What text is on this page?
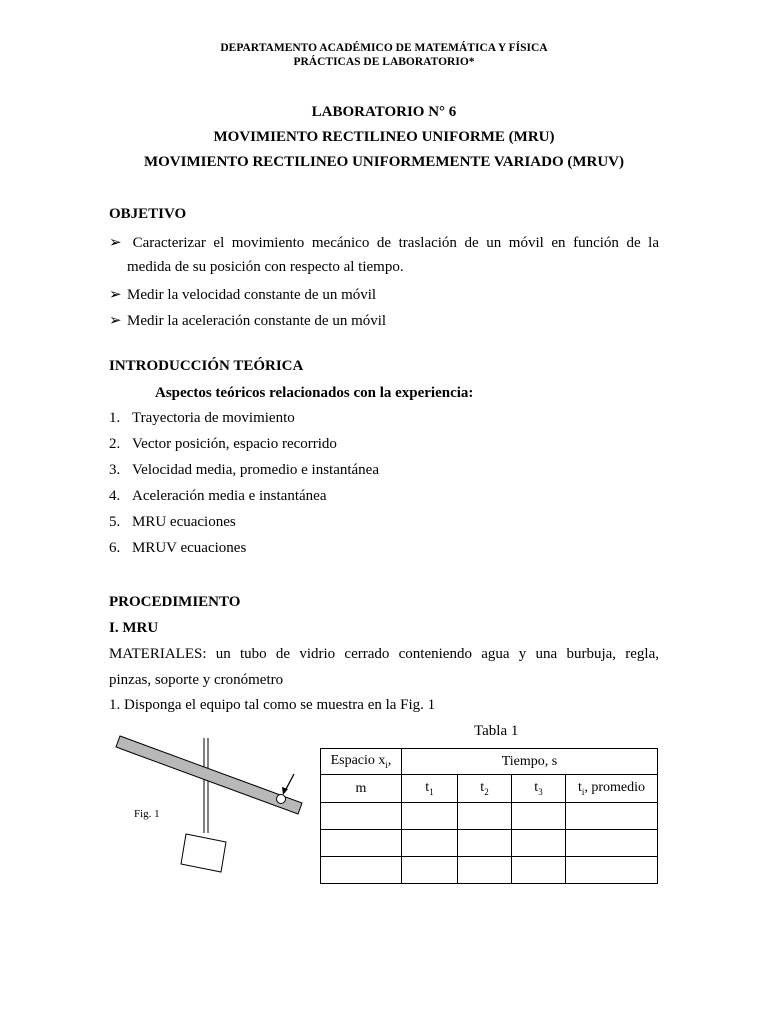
DEPARTAMENTO ACADÉMICO DE MATEMÁTICA Y FÍSICA
PRÁCTICAS DE LABORATORIO*
LABORATORIO N° 6
MOVIMIENTO RECTILINEO UNIFORME (MRU)
MOVIMIENTO RECTILINEO UNIFORMEMENTE VARIADO (MRUV)
OBJETIVO
➢ Caracterizar el movimiento mecánico de traslación de un móvil en función de la
medida de su posición con respecto al tiempo.
➢ Medir la velocidad constante de un móvil
➢ Medir la aceleración constante de un móvil
INTRODUCCIÓN TEÓRICA
Aspectos teóricos relacionados con la experiencia:
1. Trayectoria de movimiento
2. Vector posición, espacio recorrido
3. Velocidad media, promedio e instantánea
4. Aceleración media e instantánea
5. MRU ecuaciones
6. MRUV ecuaciones
PROCEDIMIENTO
I. MRU
MATERIALES: un tubo de vidrio cerrado conteniendo agua y una burbuja, regla,
pinzas, soporte y cronómetro
1. Disponga el equipo tal como se muestra en la Fig. 1
Fig. 1
Tabla 1
Espacio $x_i$,	Tiempo, s			
m	$t_1$	$t_2$	$t_3$	$t_i$, promedio
